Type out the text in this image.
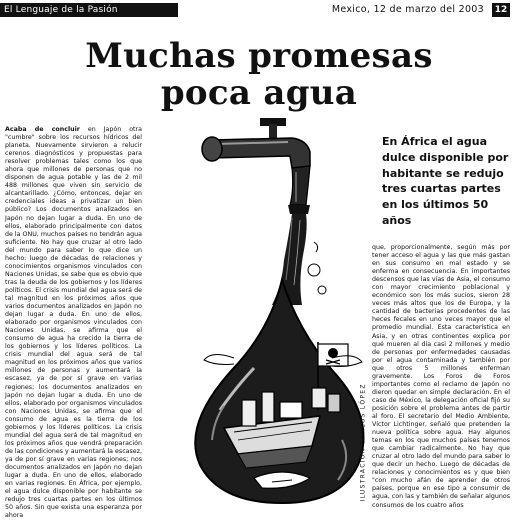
El Lenguaje de la Pasión	Mexico, 12 de marzo del 2003	12
Muchas promesas
poca agua
Acaba de concluir en Japón otra "cumbre" sobre los recursos hídricos del planeta. Nuevamente sirvieron a relucir cerenos diagnósticos y propuestas para resolver problemas tales como los que ahora que millones de personas que no disponen de agua potable y las de 2 mil 488 millones que viven sin servicio de alcantarillado. ¿Cómo, entonces, dejar en credenciales ideas a privatizar un bien público? Los documentos analizados en Japón no dejan lugar a duda. En uno de ellos, elaborado principalmente con datos de la ONU, muchos países no tendrán agua suficiente. No hay que cruzar al otro lado del mundo para saber lo que dice un hecho: luego de décadas de relaciones y conocimientos organismos vinculados con Naciones Unidas, se sabe que es obvio que tras la deuda de los gobiernos y los líderes políticos. El crisis mundial del agua será de tal magnitud en los próximos años que varios documentos analizados en Japón no dejan lugar a duda. En uno de ellos, elaborado por organismos vinculados con Naciones Unidas, se afirma que el consumo de agua ha crecido la tierra de los gobiernos y los líderes políticos. La crisis mundial del agua será de tal magnitud en los próximos años que varios millones de personas y aumentará la escasez, ya de por sí grave en varias regiones; los documentos analizados en Japón no dejan lugar a duda. En uno de ellos, elaborado por organismos vinculados con Naciones Unidas, se afirma que el consumo de agua es la tierra de los gobiernos y los líderes políticos. La crisis mundial del agua será de tal magnitud en los próximos años que vendrá preparación de las condiciones y aumentará la escasez, ya de por sí grave en varias regiones; nos documentos analizados en Japón no dejan lugar a duda. En uno de ellos, elaborado en varias regiones. En África, por ejemplo, el agua dulce disponible por habitante se redujo tres cuartas partes en los últimos 50 años. Sin que exista una esperanza por ahora
En África el agua dulce disponible por habitante se redujo tres cuartas partes en los últimos 50 años
que, proporcionalmente, según más por tener acceso el agua y las que más gastan en sus consumo en mal estado y se enferma en consecuencia. En importantes descensos que las vías de Asia, el consumo con mayor crecimiento poblacional y económico son los más sucios, sieron 28 veces más altos que los de Europa, y la cantidad de bacterias procedentes de las heces fecales en uno veces mayor que el promedio mundial. Esta característica en Asia, y en otras continentes explica por qué mueren al día casi 2 millones y medio de personas por enfermedades causadas por el agua contaminada y también por que otros 5 millones enferman gravemente. Los Foros de Foros importantes como el reclamo de Japón no dieron quedar en simple declaración. En el caso de México, la delegación oficial fijó su posición sobre el problema antes de partir al foro. El secretario del Medio Ambiente, Víctor Lichtinger, señaló que pretenden la nueva política sobre agua. Hay algunos temas en los que muchos países tenemos que cambiar radicalmente. No hay que cruzar al otro lado del mundo para saber lo que decir un hecho. Luego de décadas de relaciones y conocimientos es y que bien "con mucho afán de aprender de otros países, porque en ese tipo a consumir de agua, con las y también de señalar algunos consumos de los cuatro años
ILUSTRACIÓN CARLOS LÓPEZ
